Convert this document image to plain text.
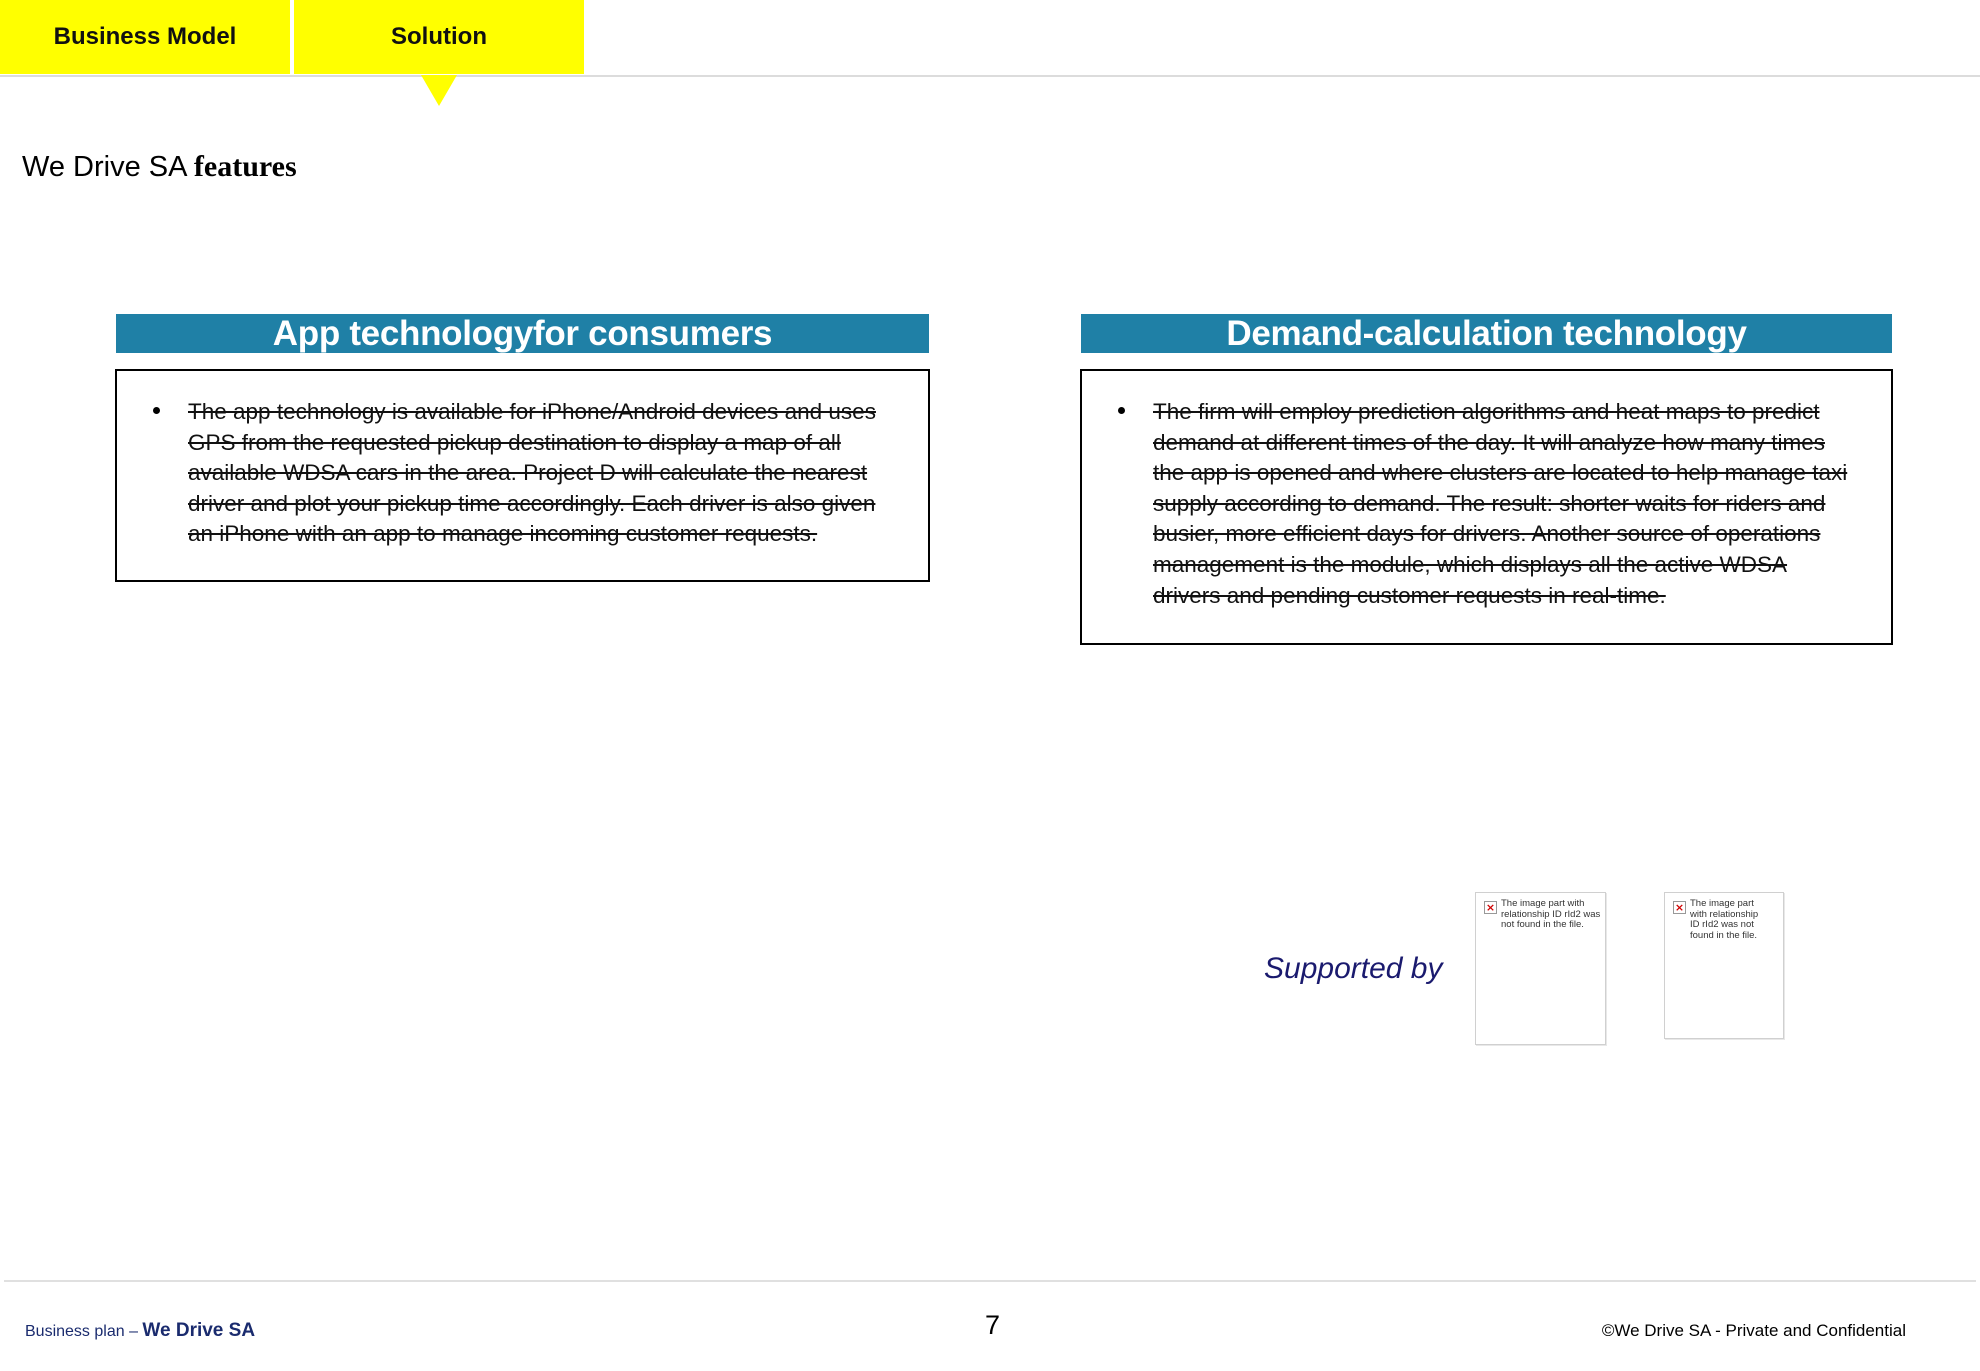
Business Model	Solution
We Drive SA features
App technologyfor consumers
The app technology is available for iPhone/Android devices and uses GPS from the requested pickup destination to display a map of all available WDSA cars in the area. Project D will calculate the nearest driver and plot your pickup time accordingly. Each driver is also given an iPhone with an app to manage incoming customer requests.
Demand-calculation technology
The firm will employ prediction algorithms and heat maps to predict demand at different times of the day. It will analyze how many times the app is opened and where clusters are located to help manage taxi supply according to demand. The result: shorter waits for riders and busier, more efficient days for drivers. Another source of operations management is the module, which displays all the active WDSA drivers and pending customer requests in real-time.
Supported by
× The image part with relationship ID rId2 was not found in the file.
× The image part with relationship ID rId2 was not found in the file.
Business plan – We Drive SA	7	©We Drive SA - Private and Confidential
